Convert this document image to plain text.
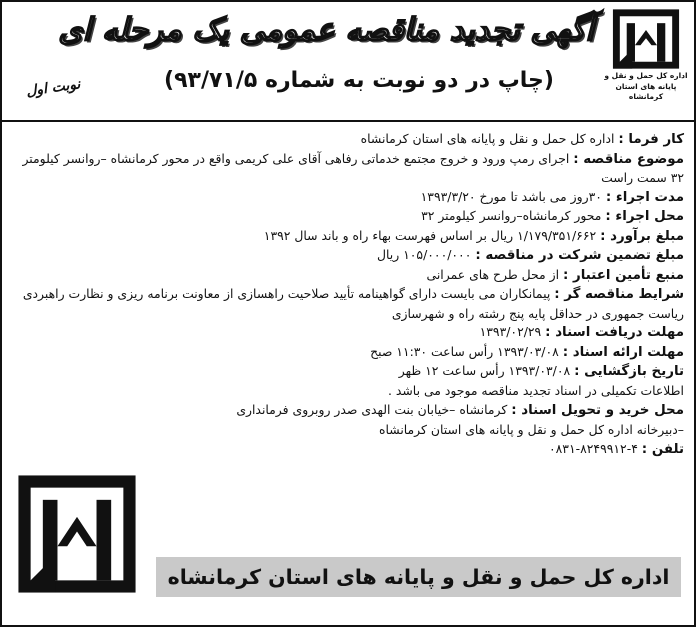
اداره کل حمل و نقل و
پایانه های استان کرمانشاه
آگهی تجدید مناقصه عمومی یک مرحله ای
(چاپ در دو نوبت به شماره ۹۳/۷۱/۵)
نوبت اول
کار فرما : اداره کل حمل و نقل و پایانه های استان کرمانشاه
موضوع مناقصه : اجرای رمپ ورود و خروج مجتمع خدماتی رفاهی آقای علی کریمی واقع در محور کرمانشاه –روانسر کیلومتر ۳۲ سمت راست
مدت اجراء : ۳۰روز می باشد تا مورخ ۱۳۹۳/۳/۲۰
محل اجراء : محور کرمانشاه–روانسر کیلومتر ۳۲
مبلغ برآورد : ۱/۱۷۹/۳۵۱/۶۶۲ ریال بر اساس فهرست بهاء راه و باند سال ۱۳۹۲
مبلغ تضمین شرکت در مناقصه : ۱۰۵/۰۰۰/۰۰۰ ریال
منبع تأمین اعتبار : از محل طرح های عمرانی
شرایط مناقصه گر : پیمانکاران می بایست دارای گواهینامه تأیید صلاحیت راهسازی از معاونت برنامه ریزی و نظارت راهبردی ریاست جمهوری در حداقل پایه پنج رشته راه و شهرسازی
مهلت دریافت اسناد : ۱۳۹۳/۰۲/۲۹
مهلت ارائه اسناد : ۱۳۹۳/۰۳/۰۸ رأس ساعت ۱۱:۳۰ صبح
تاریخ بازگشایی : ۱۳۹۳/۰۳/۰۸ رأس ساعت ۱۲ ظهر
اطلاعات تکمیلی در اسناد تجدید مناقصه موجود می باشد .
محل خرید و تحویل اسناد : کرمانشاه –خیابان بنت الهدی صدر روبروی فرمانداری
–دبیرخانه اداره کل حمل و نقل و پایانه های استان کرمانشاه
تلفن : ۴-۸۲۴۹۹۱۲-۰۸۳۱
اداره کل حمل و نقل و پایانه های استان کرمانشاه
